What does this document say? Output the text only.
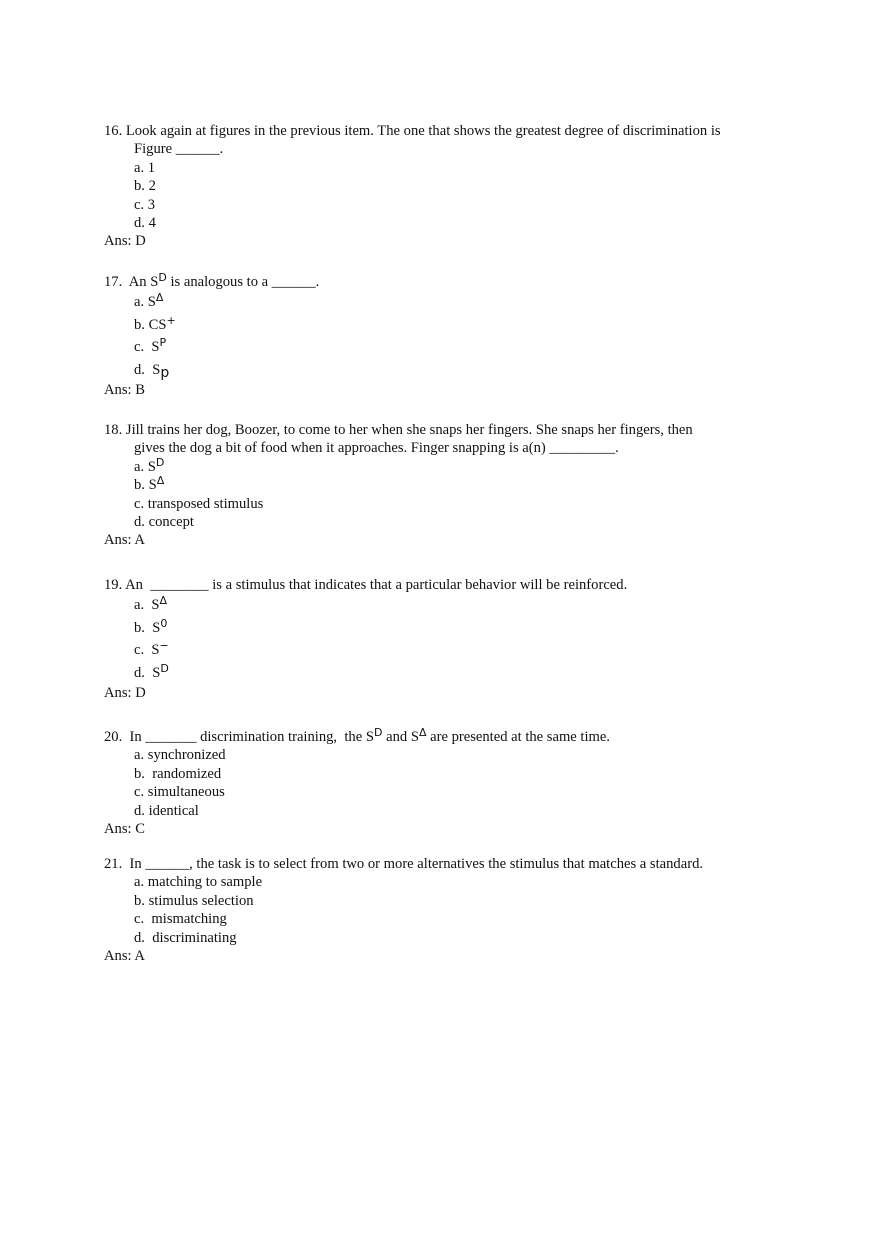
16. Look again at figures in the previous item. The one that shows the greatest degree of discrimination is
Figure ______.
a. 1
b. 2
c. 3
d. 4
Ans: D
17.  An $S^D$ is analogous to a ______.
a. $S^\Delta$
b. CS+
c.  $S^P$
d.  $S_p$
Ans: B
18. Jill trains her dog, Boozer, to come to her when she snaps her fingers. She snaps her fingers, then
gives the dog a bit of food when it approaches. Finger snapping is a(n) _________.
a. $S^D$
b. $S^\Delta$
c. transposed stimulus
d. concept
Ans: A
19. An  ________ is a stimulus that indicates that a particular behavior will be reinforced.
a.  $S^\Delta$
b.  $S^0$
c.  S−
d.  $S^D$
Ans: D
20.  In _______ discrimination training,  the $S^D$ and $S^\Delta$ are presented at the same time.
a. synchronized
b.  randomized
c. simultaneous
d. identical
Ans: C
21.  In ______, the task is to select from two or more alternatives the stimulus that matches a standard.
a. matching to sample
b. stimulus selection
c.  mismatching
d.  discriminating
Ans: A
